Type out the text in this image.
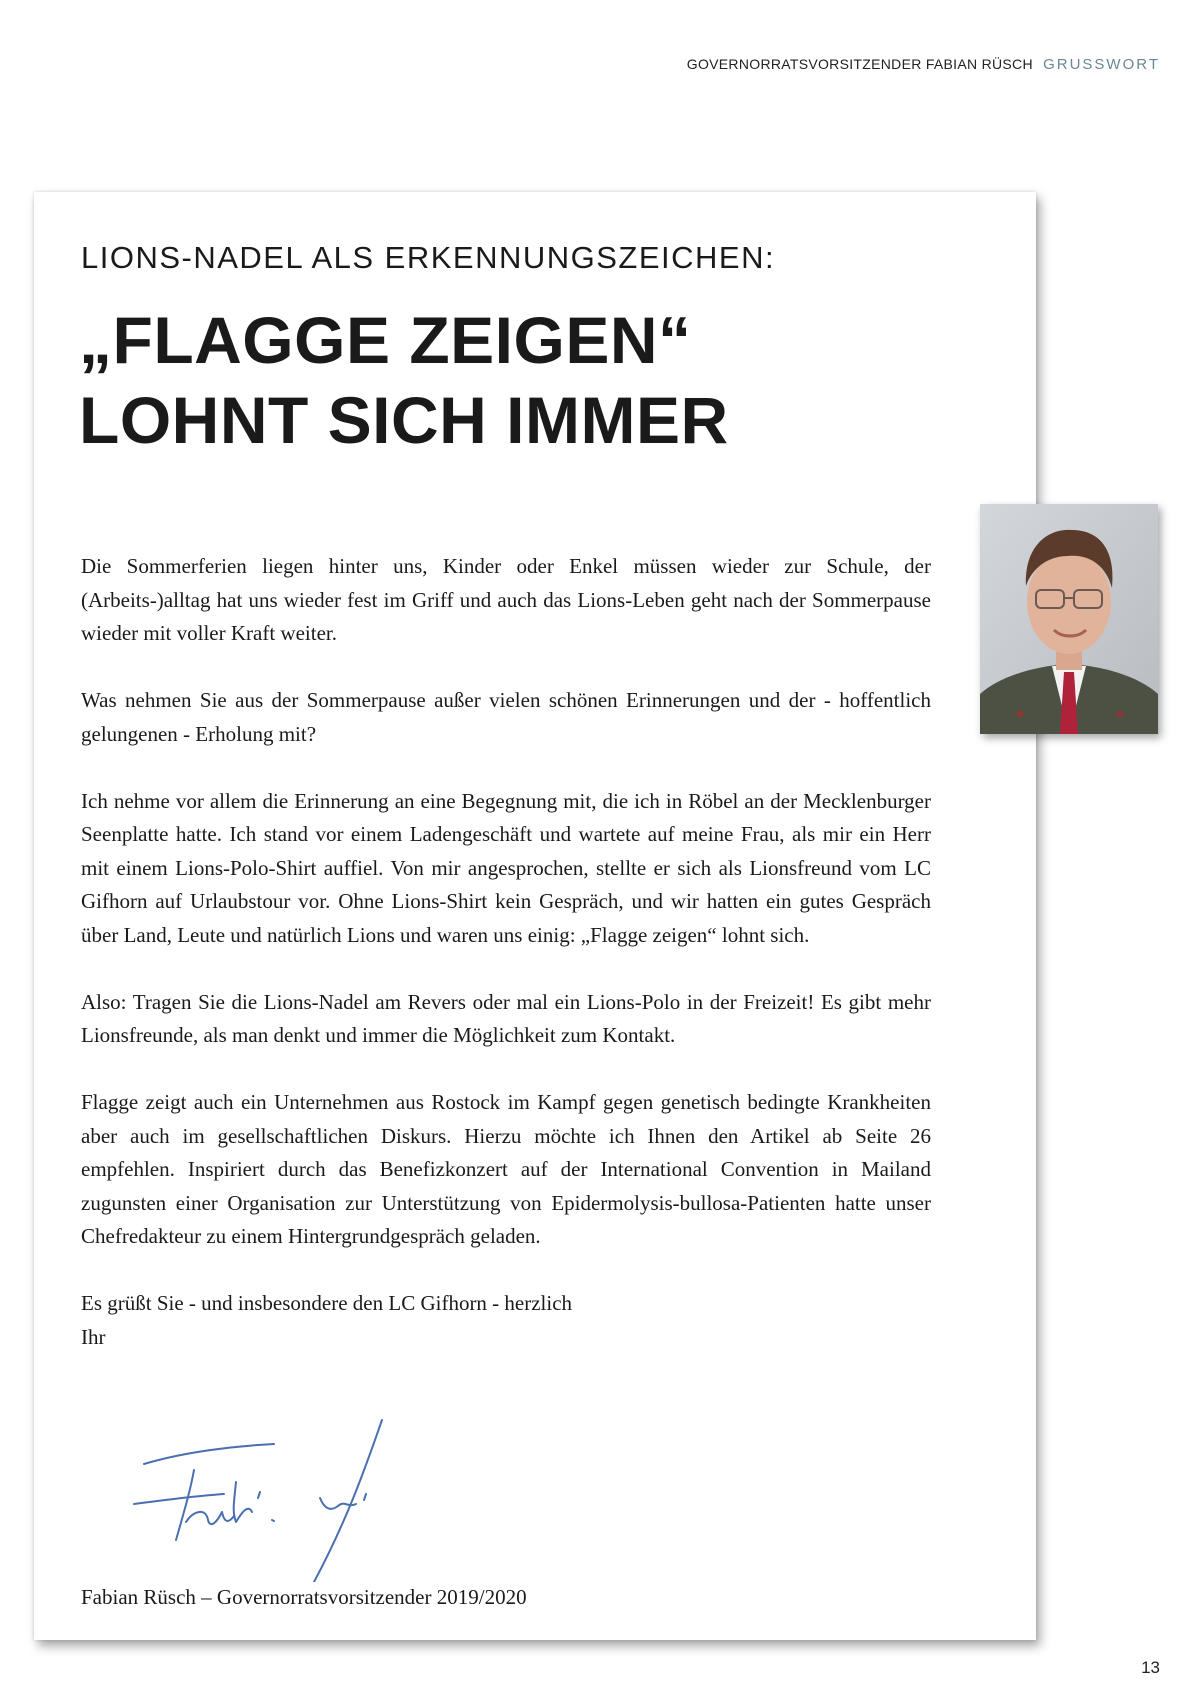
GOVERNORRATSVORSITZENDER FABIAN RÜSCH GRUSSWORT
LIONS-NADEL ALS ERKENNUNGSZEICHEN:
„FLAGGE ZEIGEN“
LOHNT SICH IMMER

Die Sommerferien liegen hinter uns, Kinder oder Enkel müssen wieder zur Schule, der (Arbeits-)alltag hat uns wieder fest im Griff und auch das Lions-Leben geht nach der Sommerpause wieder mit voller Kraft weiter.

Was nehmen Sie aus der Sommerpause außer vielen schönen Erinnerungen und der - hoffentlich gelungenen - Erholung mit?

Ich nehme vor allem die Erinnerung an eine Begegnung mit, die ich in Röbel an der Mecklenburger Seenplatte hatte. Ich stand vor einem Ladengeschäft und wartete auf meine Frau, als mir ein Herr mit einem Lions-Polo-Shirt auffiel. Von mir angesprochen, stellte er sich als Lionsfreund vom LC Gifhorn auf Urlaubstour vor. Ohne Lions-Shirt kein Gespräch, und wir hatten ein gutes Gespräch über Land, Leute und natürlich Lions und waren uns einig: „Flagge zeigen“ lohnt sich.

Also: Tragen Sie die Lions-Nadel am Revers oder mal ein Lions-Polo in der Freizeit! Es gibt mehr Lionsfreunde, als man denkt und immer die Möglichkeit zum Kontakt.

Flagge zeigt auch ein Unternehmen aus Rostock im Kampf gegen genetisch bedingte Krankheiten aber auch im gesellschaftlichen Diskurs. Hierzu möchte ich Ihnen den Artikel ab Seite 26 empfehlen. Inspiriert durch das Benefizkonzert auf der International Convention in Mailand zugunsten einer Organisation zur Unterstützung von Epidermolysis-bullosa-Patienten hatte unser Chefredakteur zu einem Hintergrundgespräch geladen.

Es grüßt Sie - und insbesondere den LC Gifhorn - herzlich
Ihr

Fabian Rüsch – Governorratsvorsitzender 2019/2020
13
